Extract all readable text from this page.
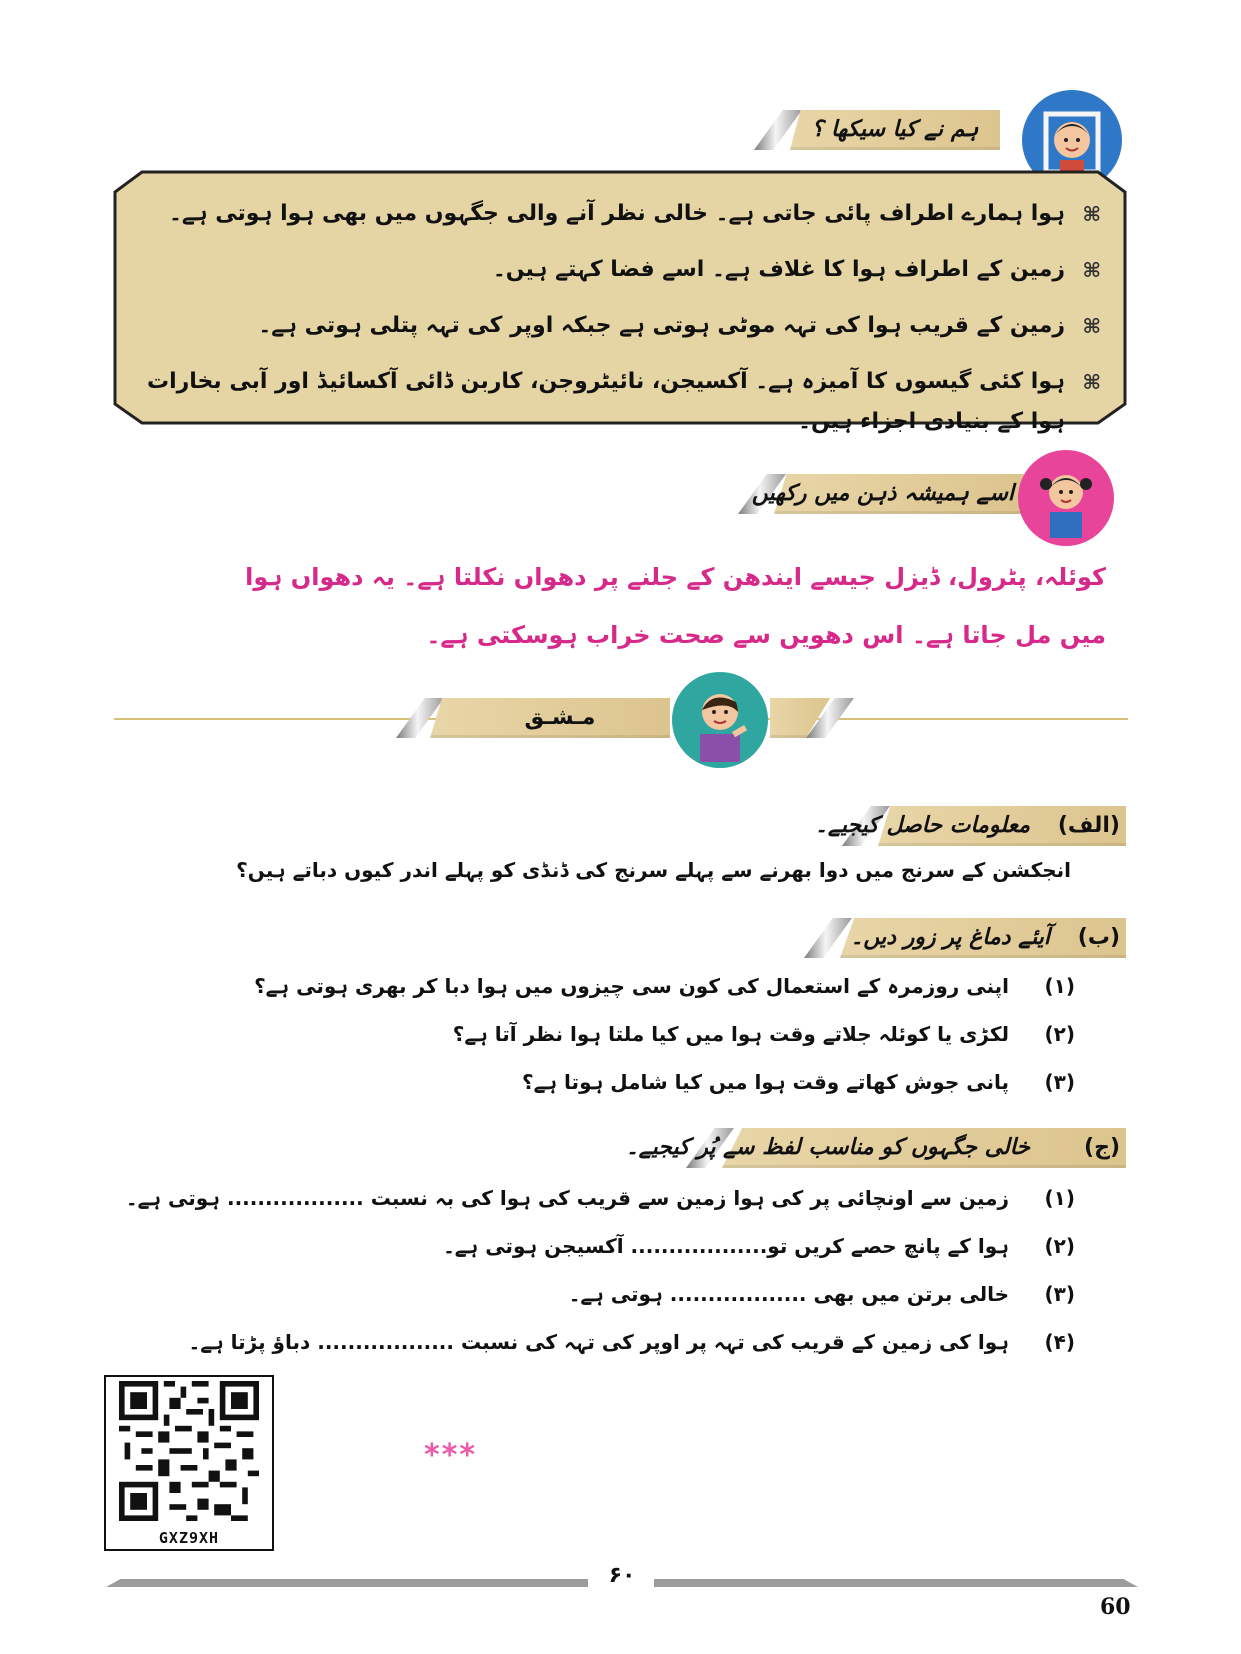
ہم نے کیا سیکھا ؟
⌘
ہوا ہمارے اطراف پائی جاتی ہے۔ خالی نظر آنے والی جگہوں میں بھی ہوا ہوتی ہے۔
⌘
زمین کے اطراف ہوا کا غلاف ہے۔ اسے فضا کہتے ہیں۔
⌘
زمین کے قریب ہوا کی تہہ موٹی ہوتی ہے جبکہ اوپر کی تہہ پتلی ہوتی ہے۔
⌘
ہوا کئی گیسوں کا آمیزہ ہے۔ آکسیجن، نائیٹروجن، کاربن ڈائی آکسائیڈ اور آبی بخارات ہوا کے بنیادی اجزاء ہیں۔
اسے ہمیشہ ذہن میں رکھیں
کوئلہ، پٹرول، ڈیزل جیسے ایندھن کے جلنے پر دھواں نکلتا ہے۔ یہ دھواں ہوا میں مل جاتا ہے۔ اس دھویں سے صحت خراب ہوسکتی ہے۔
مـشـق
معلومات حاصل کیجیے۔	(الف)
انجکشن کے سرنج میں دوا بھرنے سے پہلے سرنج کی ڈنڈی کو پہلے اندر کیوں دباتے ہیں؟
آیئے دماغ پر زور دیں۔	(ب)
(۱)
اپنی روزمرہ کے استعمال کی کون سی چیزوں میں ہوا دبا کر بھری ہوتی ہے؟
(۲)
لکڑی یا کوئلہ جلاتے وقت ہوا میں کیا ملتا ہوا نظر آتا ہے؟
(۳)
پانی جوش کھاتے وقت ہوا میں کیا شامل ہوتا ہے؟
خالی جگہوں کو مناسب لفظ سے پُر کیجیے۔	(ج)
(۱)
زمین سے اونچائی پر کی ہوا زمین سے قریب کی ہوا کی بہ نسبت .................. ہوتی ہے۔
(۲)
ہوا کے پانچ حصے کریں تو.................. آکسیجن ہوتی ہے۔
(۳)
خالی برتن میں بھی .................. ہوتی ہے۔
(۴)
ہوا کی زمین کے قریب کی تہہ پر اوپر کی تہہ کی نسبت .................. دباؤ پڑتا ہے۔
GXZ9XH
***
۶۰
60
